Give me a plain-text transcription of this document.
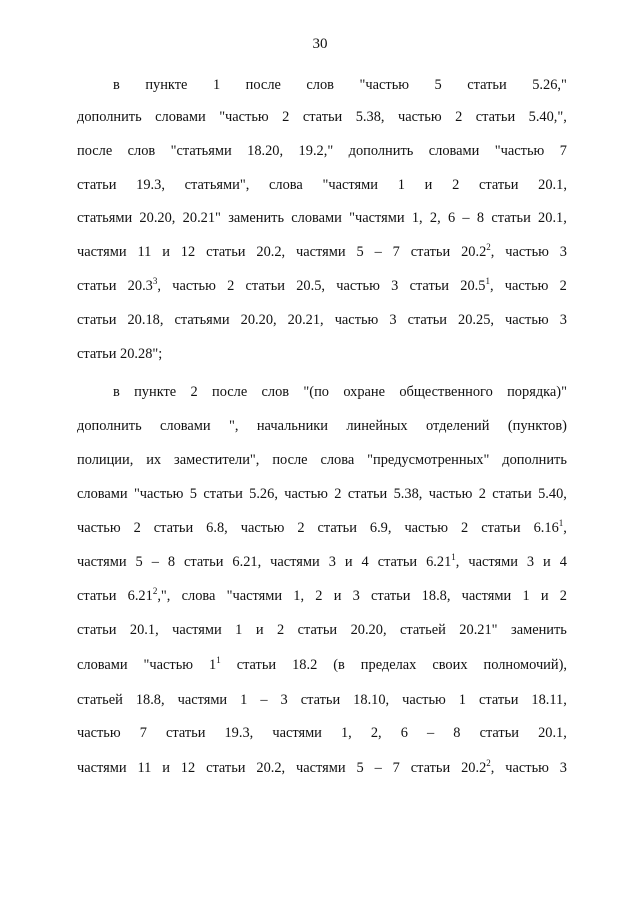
30
в пункте 1 после слов "частью 5 статьи 5.26,"
дополнить словами "частью 2 статьи 5.38, частью 2 статьи 5.40,",
после слов "статьями 18.20, 19.2," дополнить словами "частью 7
статьи 19.3, статьями", слова "частями 1 и 2 статьи 20.1,
статьями 20.20, 20.21" заменить словами "частями 1, 2, 6 – 8 статьи 20.1,
частями 11 и 12 статьи 20.2, частями 5 – 7 статьи 20.2$^2$, частью 3
статьи 20.3$^3$, частью 2 статьи 20.5, частью 3 статьи 20.5$^1$, частью 2
статьи 20.18, статьями 20.20, 20.21, частью 3 статьи 20.25, частью 3
статьи 20.28";
в пункте 2 после слов "(по охране общественного порядка)"
дополнить словами ", начальники линейных отделений (пунктов)
полиции, их заместители", после слова "предусмотренных" дополнить
словами "частью 5 статьи 5.26, частью 2 статьи 5.38, частью 2 статьи 5.40,
частью 2 статьи 6.8, частью 2 статьи 6.9, частью 2 статьи 6.16$^1$,
частями 5 – 8 статьи 6.21, частями 3 и 4 статьи 6.21$^1$, частями 3 и 4
статьи 6.21$^2$,", слова "частями 1, 2 и 3 статьи 18.8, частями 1 и 2
статьи 20.1, частями 1 и 2 статьи 20.20, статьей 20.21" заменить
словами "частью $1^1$ статьи 18.2 (в пределах своих полномочий),
статьей 18.8, частями 1 – 3 статьи 18.10, частью 1 статьи 18.11,
частью 7 статьи 19.3, частями 1, 2, 6 – 8 статьи 20.1,
частями 11 и 12 статьи 20.2, частями 5 – 7 статьи 20.2$^2$, частью 3
